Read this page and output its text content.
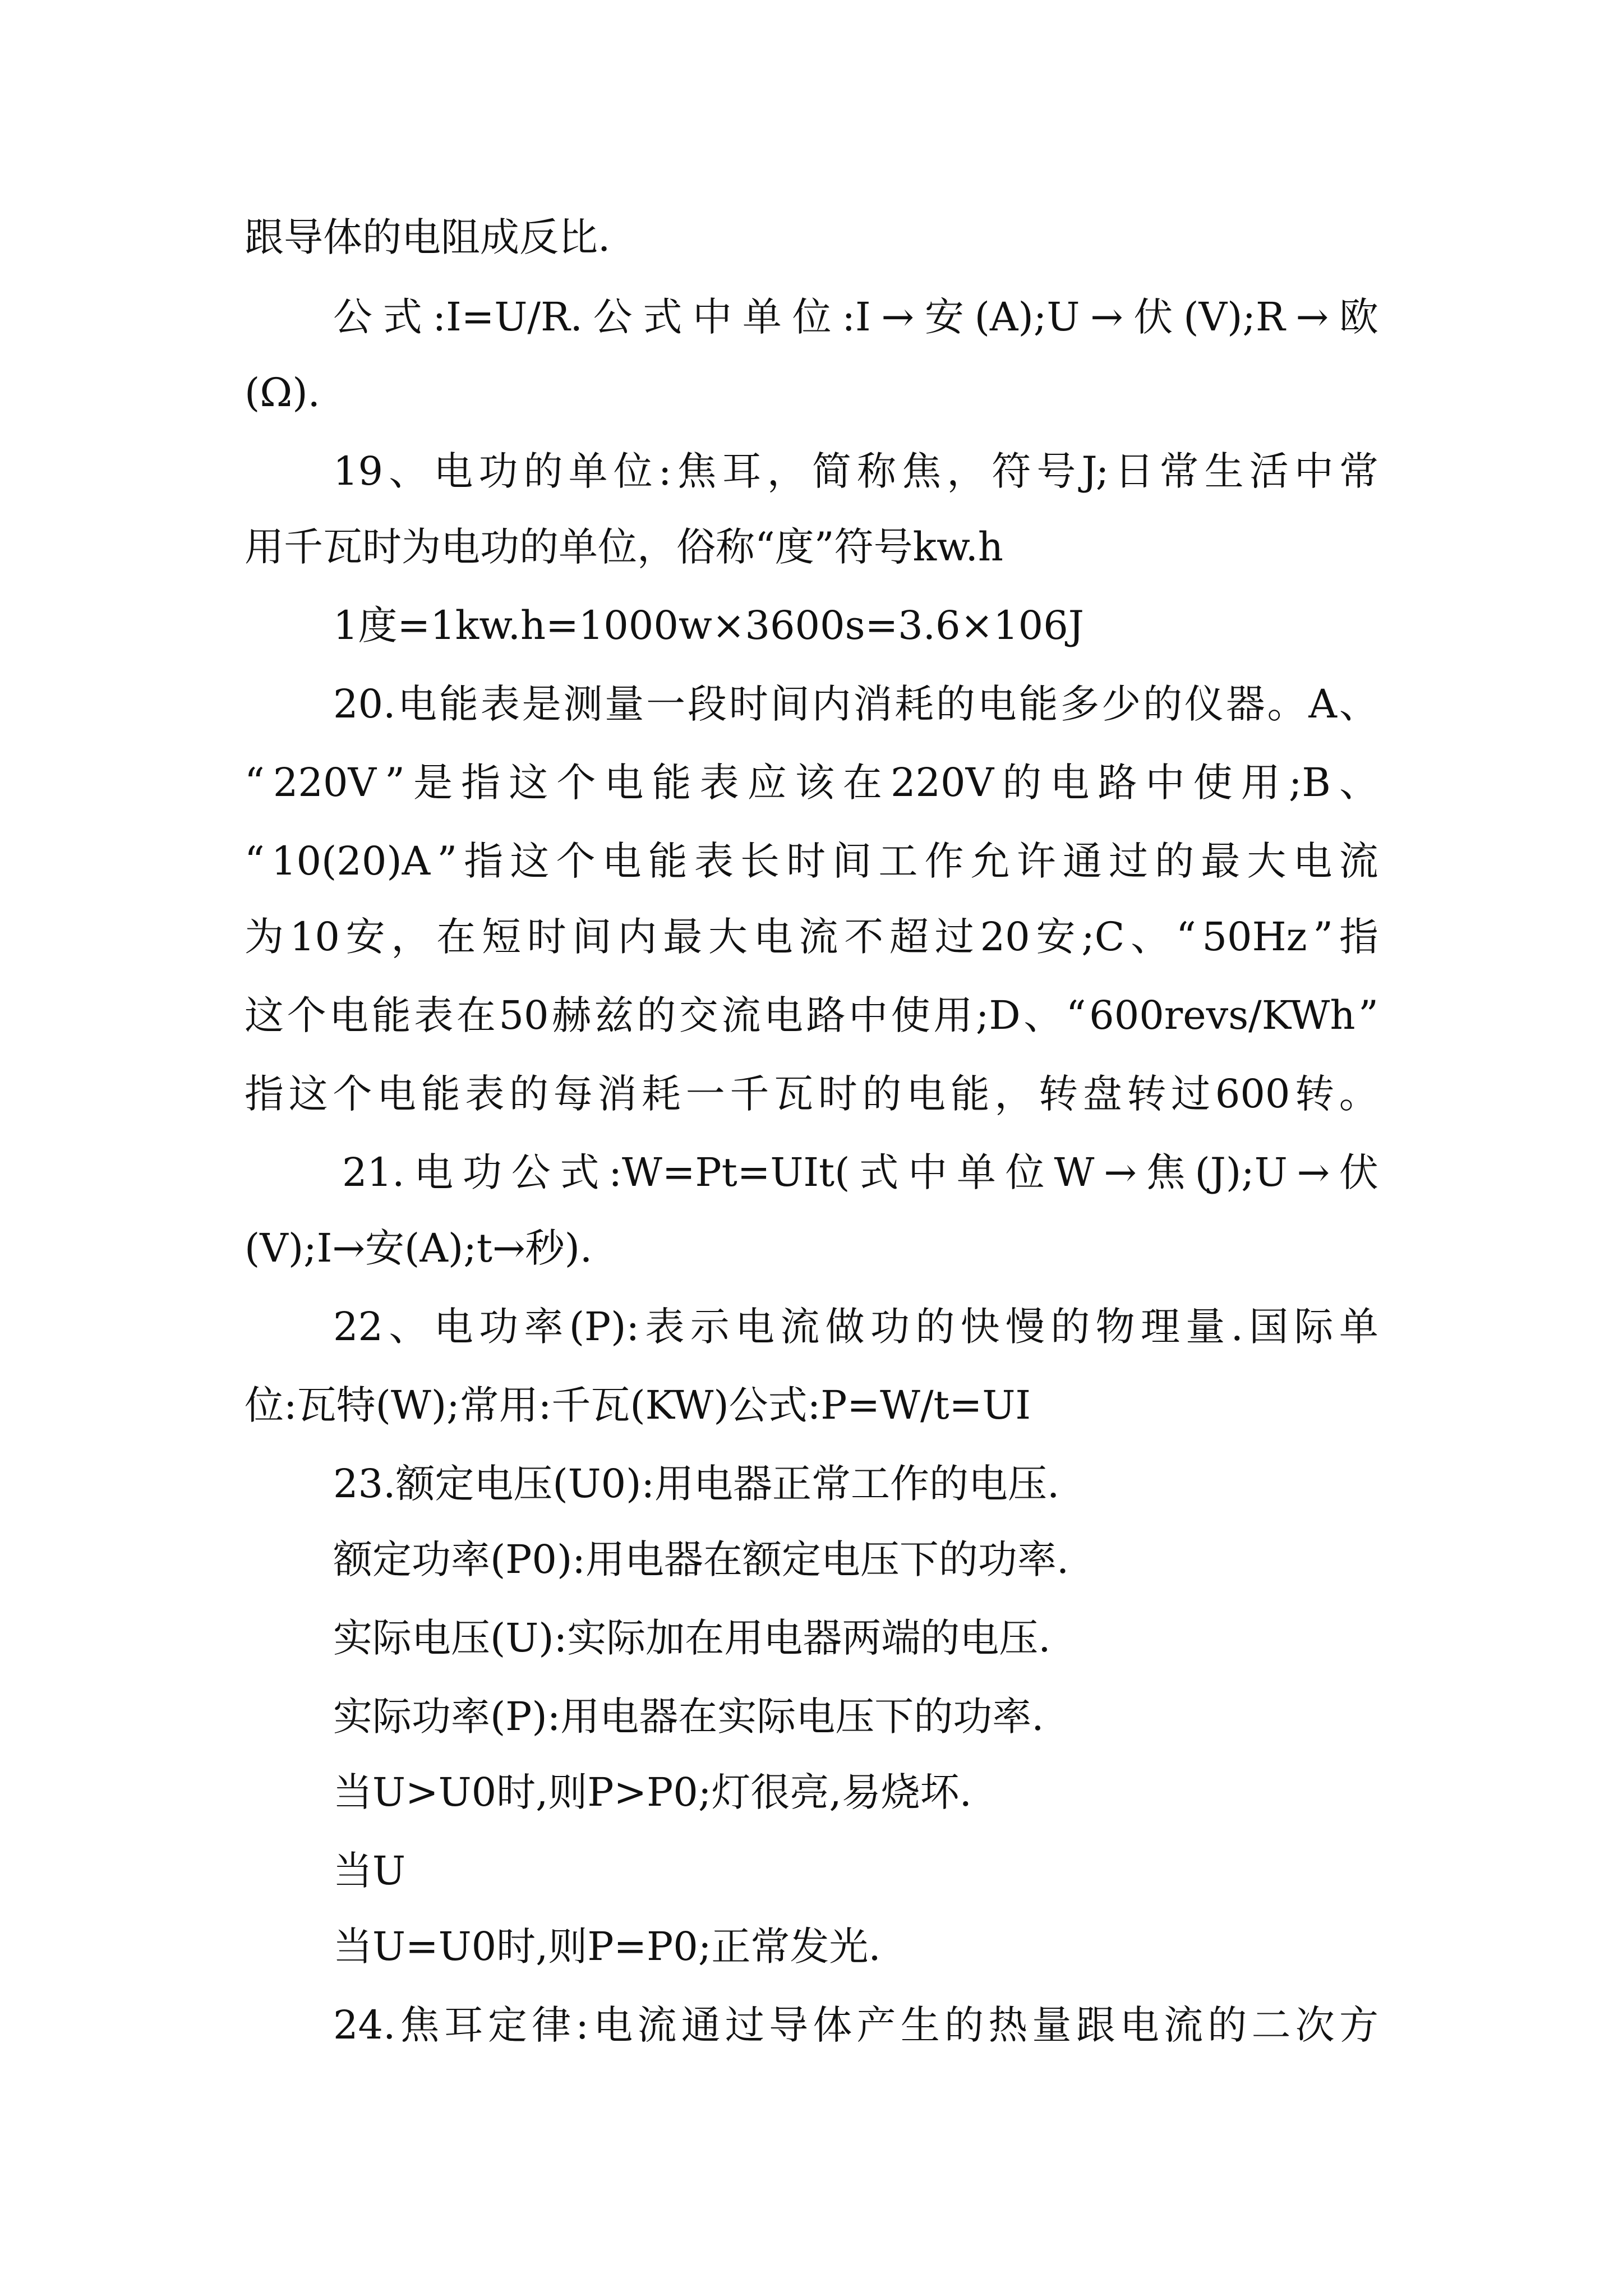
跟导体的电阻成反比.
公 式 :I=U/R. 公 式 中 单 位 :I → 安 (A);U → 伏 (V);R → 欧
(Ω).
19 、 电 功 的 单 位 : 焦 耳 ， 简 称 焦 ， 符 号 J; 日 常 生 活 中 常
用千瓦时为电功的单位，俗称“度”符号kw.h
1度=1kw.h=1000w×3600s=3.6×106J
20. 电 能 表 是 测 量 一 段 时 间 内 消 耗 的 电 能 多 少 的 仪 器 。 A 、
“ 220V ” 是 指 这 个 电 能 表 应 该 在 220V 的 电 路 中 使 用 ;B 、
“ 10(20)A ” 指 这 个 电 能 表 长 时 间 工 作 允 许 通 过 的 最 大 电 流
为 10 安 ， 在 短 时 间 内 最 大 电 流 不 超 过 20 安 ;C 、 “ 50Hz ” 指
这 个 电 能 表 在 50 赫 兹 的 交 流 电 路 中 使 用 ;D 、 “ 600revs/KWh ”
指 这 个 电 能 表 的 每 消 耗 一 千 瓦 时 的 电 能 ， 转 盘 转 过 600 转 。
21. 电 功 公 式 :W=Pt=UIt( 式 中 单 位 W → 焦 (J);U → 伏
(V);I→安(A);t→秒).
22 、 电 功 率 (P): 表 示 电 流 做 功 的 快 慢 的 物 理 量 . 国 际 单
位:瓦特(W);常用:千瓦(KW)公式:P=W/t=UI
23.额定电压(U0):用电器正常工作的电压.
额定功率(P0):用电器在额定电压下的功率.
实际电压(U):实际加在用电器两端的电压.
实际功率(P):用电器在实际电压下的功率.
当U>U0时,则P>P0;灯很亮,易烧坏.
当U
当U=U0时,则P=P0;正常发光.
24. 焦 耳 定 律 : 电 流 通 过 导 体 产 生 的 热 量 跟 电 流 的 二 次 方
